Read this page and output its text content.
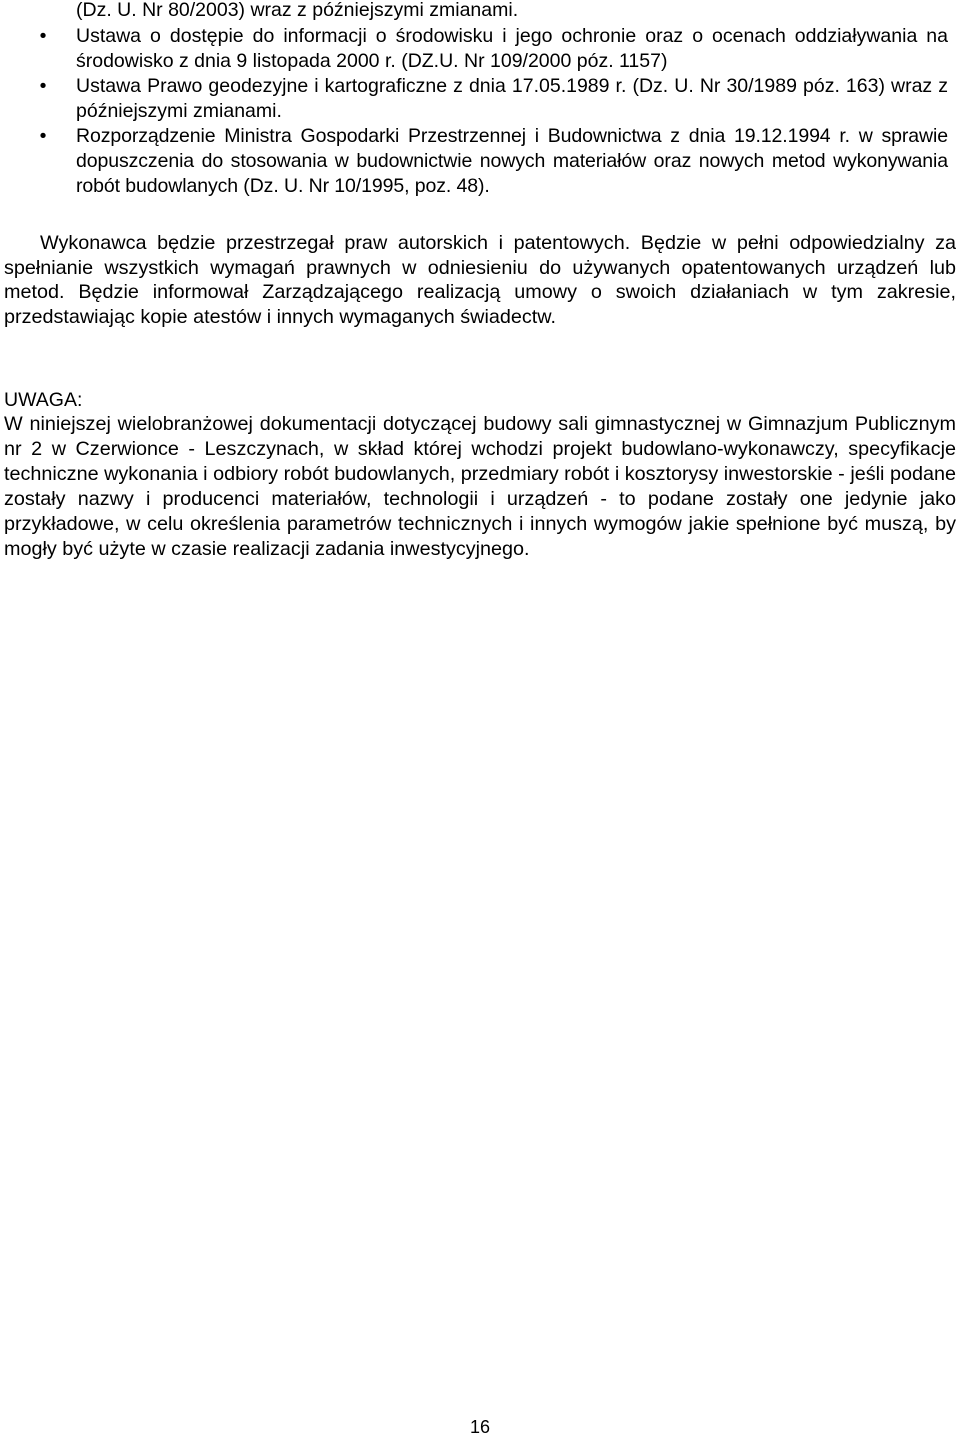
(Dz. U. Nr 80/2003) wraz z późniejszymi zmianami.
• Ustawa o dostępie do informacji o środowisku i jego ochronie oraz o ocenach oddziaływania na środowisko z dnia 9 listopada 2000 r. (DZ.U. Nr 109/2000 póz. 1157)
• Ustawa Prawo geodezyjne i kartograficzne z dnia 17.05.1989 r. (Dz. U. Nr 30/1989 póz. 163) wraz z późniejszymi zmianami.
• Rozporządzenie Ministra Gospodarki Przestrzennej i Budownictwa z dnia 19.12.1994 r. w sprawie dopuszczenia do stosowania w budownictwie nowych materiałów oraz nowych metod wykonywania robót budowlanych (Dz. U. Nr 10/1995, poz. 48).

Wykonawca będzie przestrzegał praw autorskich i patentowych. Będzie w pełni odpowiedzialny za spełnianie wszystkich wymagań prawnych w odniesieniu do używanych opatentowanych urządzeń lub metod. Będzie informował Zarządzającego realizacją umowy o swoich działaniach w tym zakresie, przedstawiając kopie atestów i innych wymaganych świadectw.

UWAGA:

W niniejszej wielobranżowej dokumentacji dotyczącej budowy sali gimnastycznej w Gimnazjum Publicznym nr 2 w Czerwionce - Leszczynach, w skład której wchodzi projekt budowlano-wykonawczy, specyfikacje techniczne wykonania i odbiory robót budowlanych, przedmiary robót i kosztorysy inwestorskie - jeśli podane zostały nazwy i producenci materiałów, technologii i urządzeń - to podane zostały one jedynie jako przykładowe, w celu określenia parametrów technicznych i innych wymogów jakie spełnione być muszą, by mogły być użyte w czasie realizacji zadania inwestycyjnego.

16
